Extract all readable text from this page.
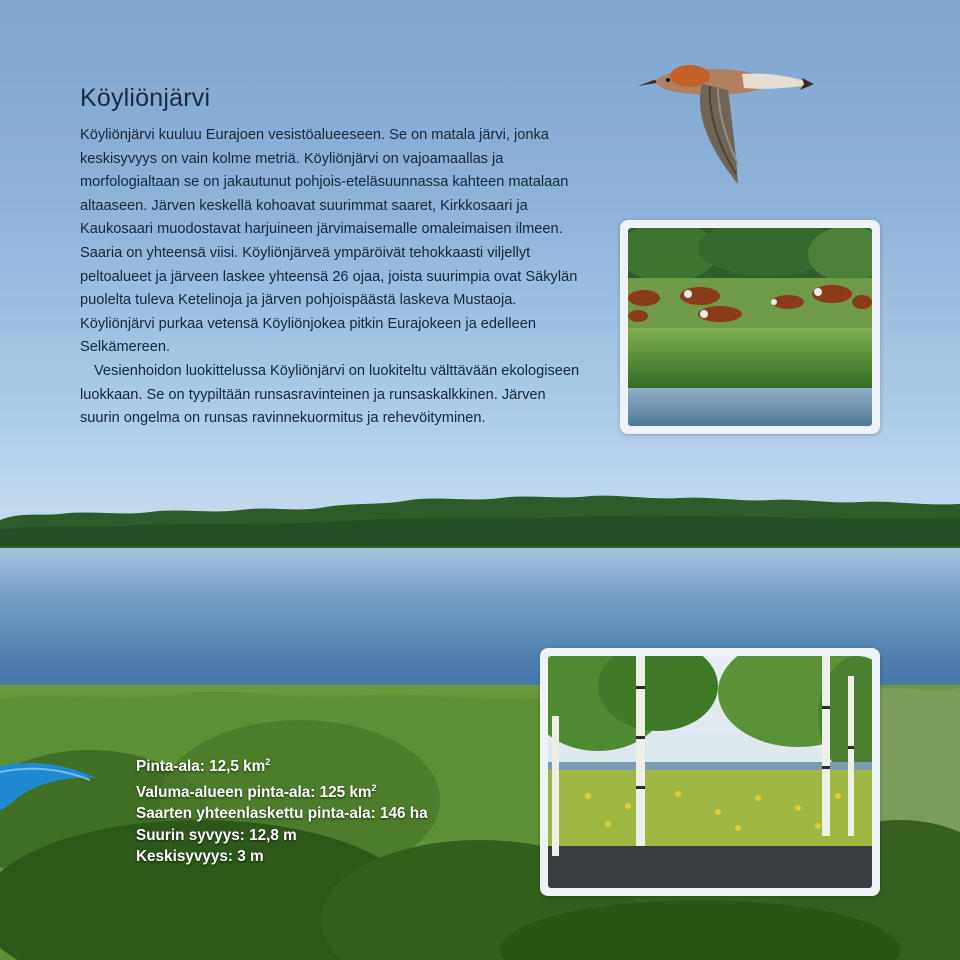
Köyliönjärvi

Köyliönjärvi kuuluu Eurajoen vesistöalueeseen. Se on matala järvi, jonka keskisyvyys on vain kolme metriä. Köyliönjärvi on vajoamaallas ja morfologialtaan se on jakautunut pohjois-eteläsuunnassa kahteen matalaan altaaseen. Järven keskellä kohoavat suurimmat saaret, Kirkkosaari ja Kaukosaari muodostavat harjuineen järvimaisemalle omaleimaisen ilmeen. Saaria on yhteensä viisi. Köyliönjärveä ympäröivät tehokkaasti viljellyt peltoalueet ja järveen laskee yhteensä 26 ojaa, joista suurimpia ovat Säkylän puolelta tuleva Ketelinoja ja järven pohjoispäästä laskeva Mustaoja. Köyliönjärvi purkaa vetensä Köyliönjokea pitkin Eurajokeen ja edelleen Selkämereen.

Vesienhoidon luokittelussa Köyliönjärvi on luokiteltu välttävään ekologiseen luokkaan. Se on tyypiltään runsasravinteinen ja runsaskalkkinen. Järven suurin ongelma on runsas ravinnekuormitus ja rehevöityminen.

Pinta-ala: 12,5 $km^2$
Valuma-alueen pinta-ala: 125 $km^2$
Saarten yhteenlaskettu pinta-ala: 146 ha
Suurin syvyys: 12,8 m
Keskisyvyys: 3 m
